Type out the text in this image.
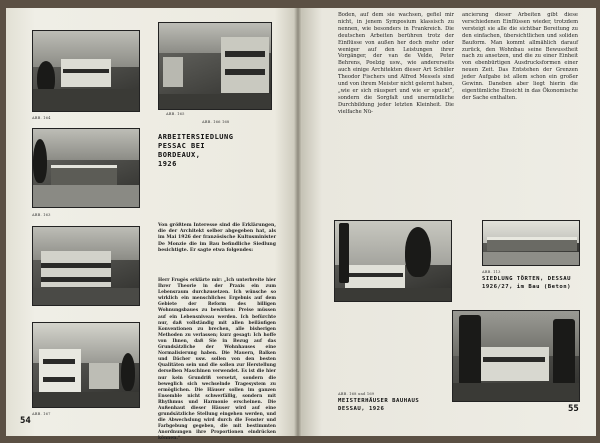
ABB. 164
ABB. 165
ABB. 166 168
ARBEITERSIEDLUNG
PESSAC BEI
BORDEAUX,
1926
ABB. 163
Von größtem Interesse sind die Erklärungen, die der Architekt selber abgegeben hat, als im Mai 1926 der französische Kultusminister De Monzie die im Bau befindliche Siedlung besichtigte. Er sagte etwa folgendes:
Herr Frugès erklärte mir: „Ich unterbreite hier Ihrer Theorie in der Praxis ein zum Lebensraum durchzusetzen. Ich wünsche so wirklich ein menschliches Ergebnis auf dem Gebiete der Reform des billigen Wohnungsbaues zu bewirken: Preise müssen auf ein Lebensniveau werden. Ich befürchte nur, daß vollständig mit allen beiläufigen Konventionen zu brechen, alle bisherigen Methoden zu verlassen; kurz gesagt: Ich hoffe von Ihnen, daß Sie in Bezug auf das Grundsätzliche der Wohnhauses eine Normalisierung haben. Die Mauern, Balken und Dächer usw. sollen von den besten Qualitäten sein und die sollen zur Herstellung derselben Maschinen verwendet. Es ist die hier nur kein Grundriß versetzt, sondern die beweglich sich wechselnde Tragesystem zu ermöglichen. Die Häuser sollen im ganzen Ensemble nicht schwerfällig, sondern mit Rhythmus und Harmonie erscheinen. Die Außenhaut dieser Häuser wird auf eine grundsätzliche Stellung eingehen werden, und die Abwechslung wird durch die Fenster und Farbgebung gegeben, die mit bestimmten Anordnungen ihre Proportionen eindrücken können.“
ABB. 167
54
Boden, auf dem sie wachsen, gefiel mir nicht, in jenem Symposium klassisch zu nennen, wie besonders in Frankreich. Die deutschen Arbeiten berühren trotz der Einflüsse von außen her doch mehr oder weniger auf den Leistungen ihrer Vorgänger, der van de Velde, Peter Behrens, Poelzig usw., wie andererseits auch einige Architekten dieser Art Schüler Theodor Fischers und Alfred Messels sind und von ihrem Meister nicht gelernt haben, „wie er sich räuspert und wie er spuckt“, sondern die Sorgfalt und unermüdliche Durchbildung jeder letzten Kleinheit. Die vielfache Nü-
ancierung dieser Arbeiten gibt diese verschiedenen Einflüssen wieder, trotzdem versteigt sie alle die sichtbar Bereitung zu den einfachen, übersichtlichen und soliden Bauform. Man kommt allmählich darauf zurück, den Wohnbau seine Bewusstheit nach zu ansetzen, und die zu einer Einheit von ebenbürtigen Ausdrucksformen einer neuen Zeit. Das Entstehen der Grenzen jeder Aufgabe ist allem schon ein großer Gewinn. Daneben aber liegt hierin die eigentümliche Einsicht in das Ökonomische der Sache enthalten.
ABB. 113
SIEDLUNG TÖRTEN, DESSAU
1926/27, im Bau (Beton)
ABB. 168 und 169
MEISTERHÄUSER BAUHAUS
DESSAU, 1926	55
